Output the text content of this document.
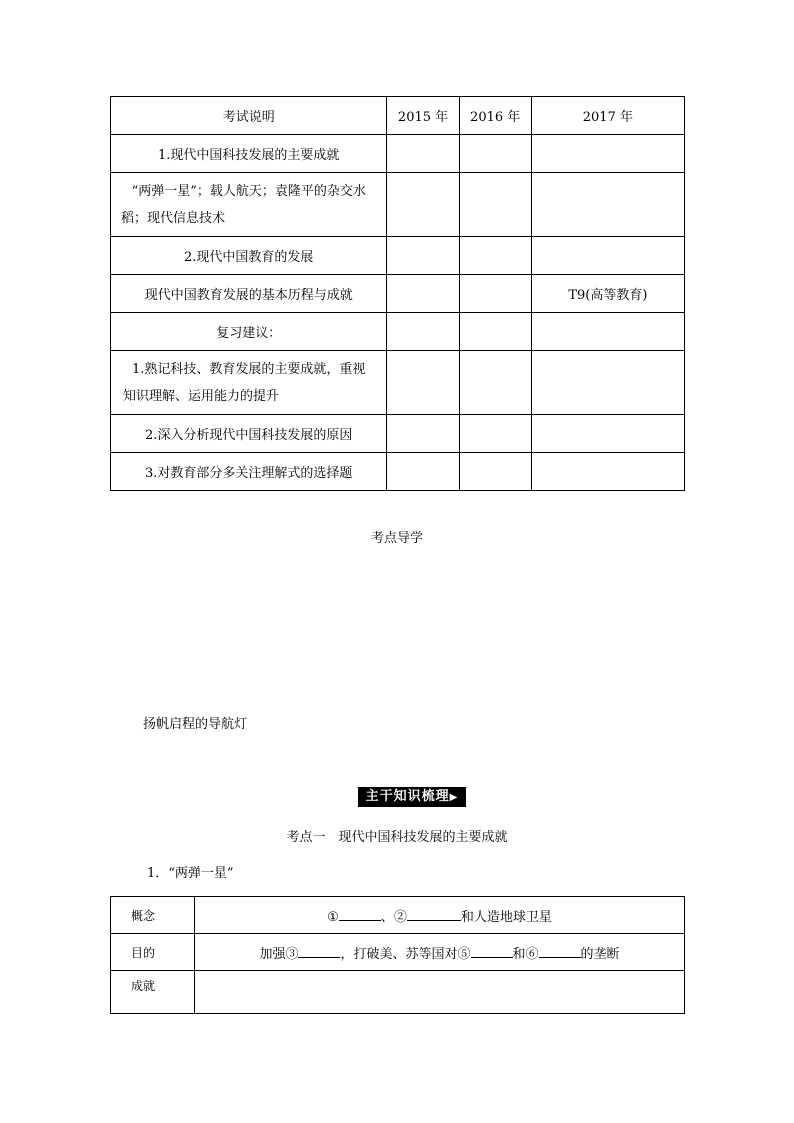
考试说明	2015 年	2016 年	2017 年
1.现代中国科技发展的主要成就			
“两弹一星”；载人航天；袁隆平的杂交水

稻；现代信息技术			

2.现代中国教育的发展			
现代中国教育发展的基本历程与成就			T9(高等教育)
复习建议：			
1.熟记科技、教育发展的主要成就，重视

知识理解、运用能力的提升			

2.深入分析现代中国科技发展的原因			
3.对教育部分多关注理解式的选择题			
考点导学
扬帆启程的导航灯
主干知识梳理▶
考点一　现代中国科技发展的主要成就
1．“两弹一星”
概念	① 、② 和人造地球卫星
目的	加强③ ，打破美、苏等国对⑤ 和⑥ 的垄断
成就	
